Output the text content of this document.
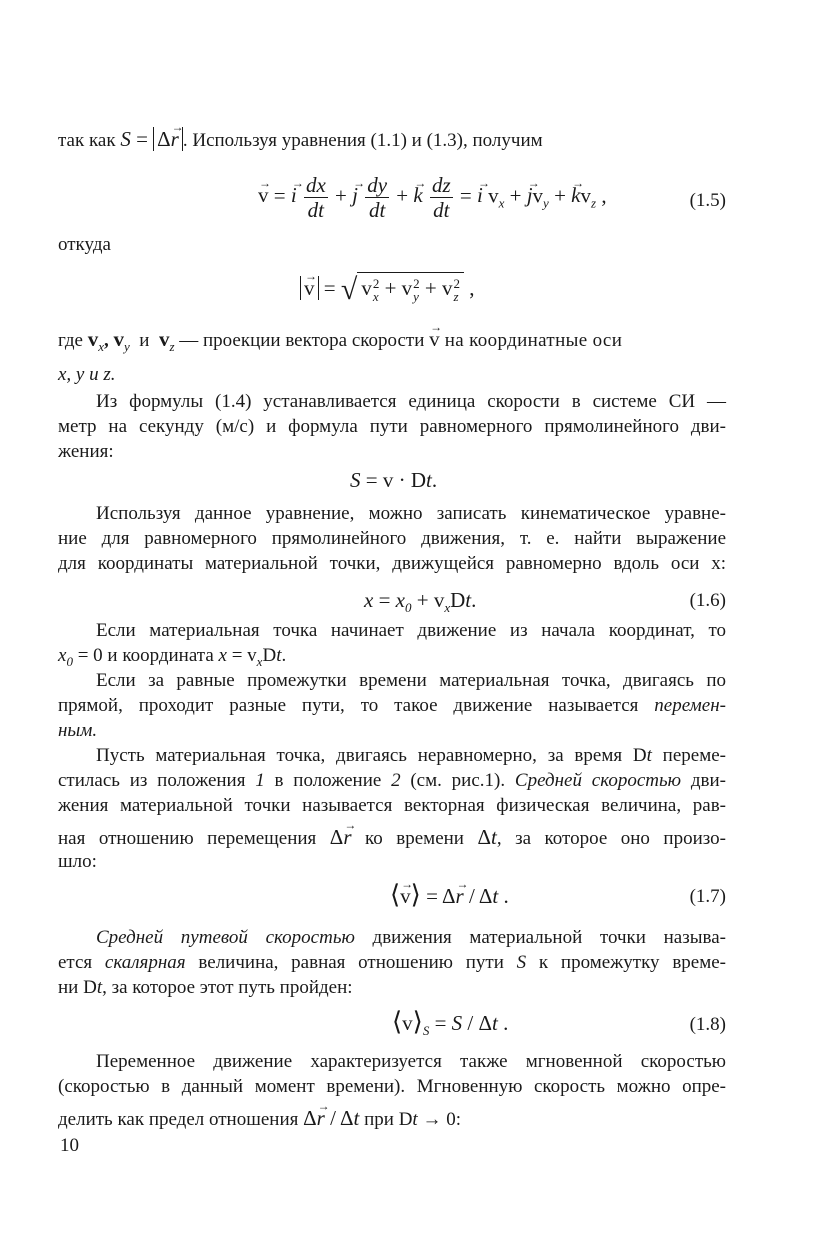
так как S = Δ→ r . Используя уравнения (1.1) и (1.3), получим
→ v = → i $\frac{dx}{dt}$ + → j $\frac{dy}{dt}$ + → k $\frac{dz}{dt}$ = → i $v_x$ + → $jv_y$ + → $kv_z$ ,	(1.5)
откуда
→ v = √ v 2
x + v 2
y + v 2
z ,
где $v_x$, $v_y$  и  $v_z$ — проекции вектора скорости → v на координатные оси
x, y и z.
Из формулы (1.4) устанавливается единица скорости в системе СИ —
метр на секунду (м/с) и формула пути равномерного прямолинейного дви-
жения:
S = v · Dt.
Используя данное уравнение, можно записать кинематическое уравне-
ние для равномерного прямолинейного движения, т. е. найти выражение
для координаты материальной точки, движущейся равномерно вдоль оси х:
$x = x_0 + v_xDt$.	(1.6)
Если материальная точка начинает движение из начала координат, то
$x_0 = 0$ и координата $x = v_xDt$.
Если за равные промежутки времени материальная точка, двигаясь по
прямой, проходит разные пути, то такое движение называется перемен-
ным.
Пусть материальная точка, двигаясь неравномерно, за время Dt переме-
стилась из положения 1 в положение 2 (см. рис.1). Средней скоростью дви-
жения материальной точки называется векторная физическая величина, рав-
ная отношению перемещения Δ→ r ко времени Δt, за которое оно произо-
шло:
⟨→ v⟩ = Δ→ r / Δt .	(1.7)
Средней путевой скоростью движения материальной точки называ-
ется скалярная величина, равная отношению пути S к промежутку време-
ни Dt, за которое этот путь пройден:
$⟨v⟩_S = S / \Delta t$ .	(1.8)
Переменное движение характеризуется также мгновенной скоростью
(скоростью в данный момент времени). Мгновенную скорость можно опре-
делить как предел отношения Δ→ r / Δt при Dt → 0:
10
